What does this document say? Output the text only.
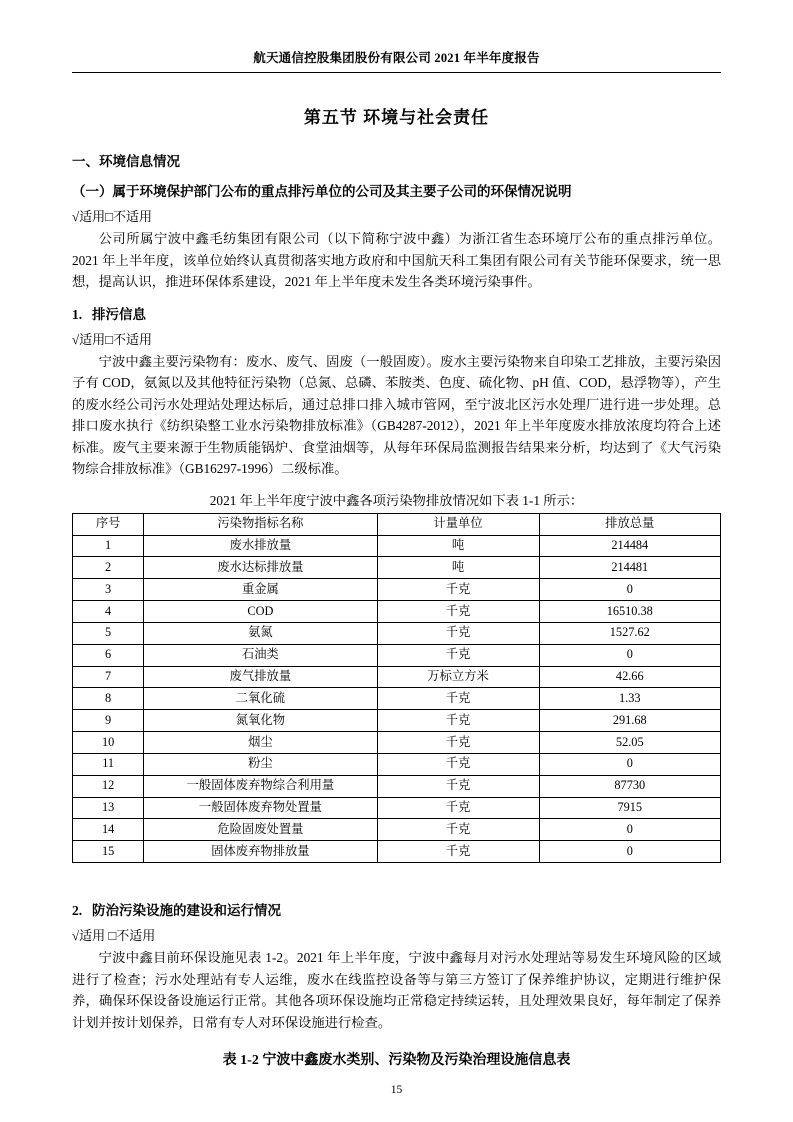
航天通信控股集团股份有限公司 2021 年半年度报告
第五节 环境与社会责任
一、环境信息情况
（一）属于环境保护部门公布的重点排污单位的公司及其主要子公司的环保情况说明
√适用□不适用

公司所属宁波中鑫毛纺集团有限公司（以下简称宁波中鑫）为浙江省生态环境厅公布的重点排污单位。2021 年上半年度，该单位始终认真贯彻落实地方政府和中国航天科工集团有限公司有关节能环保要求，统一思想，提高认识，推进环保体系建设，2021 年上半年度未发生各类环境污染事件。

1. 排污信息
√适用□不适用

宁波中鑫主要污染物有：废水、废气、固废（一般固废）。废水主要污染物来自印染工艺排放，主要污染因子有 COD，氨氮以及其他特征污染物（总氮、总磷、苯胺类、色度、硫化物、pH 值、COD，悬浮物等），产生的废水经公司污水处理站处理达标后，通过总排口排入城市管网，至宁波北区污水处理厂进行进一步处理。总排口废水执行《纺织染整工业水污染物排放标准》（GB4287-2012），2021 年上半年度废水排放浓度均符合上述标准。废气主要来源于生物质能锅炉、食堂油烟等，从每年环保局监测报告结果来分析，均达到了《大气污染物综合排放标准》（GB16297-1996）二级标准。

2021 年上半年度宁波中鑫各项污染物排放情况如下表 1-1 所示：
序号	污染物指标名称	计量单位	排放总量
1	废水排放量	吨	214484
2	废水达标排放量	吨	214481
3	重金属	千克	0
4	COD	千克	16510.38
5	氨氮	千克	1527.62
6	石油类	千克	0
7	废气排放量	万标立方米	42.66
8	二氧化硫	千克	1.33
9	氮氧化物	千克	291.68
10	烟尘	千克	52.05
11	粉尘	千克	0
12	一般固体废弃物综合利用量	千克	87730
13	一般固体废弃物处置量	千克	7915
14	危险固废处置量	千克	0
15	固体废弃物排放量	千克	0
2. 防治污染设施的建设和运行情况
√适用 □不适用

宁波中鑫目前环保设施见表 1-2。2021 年上半年度，宁波中鑫每月对污水处理站等易发生环境风险的区域进行了检查；污水处理站有专人运维，废水在线监控设备等与第三方签订了保养维护协议，定期进行维护保养，确保环保设备设施运行正常。其他各项环保设施均正常稳定持续运转，且处理效果良好，每年制定了保养计划并按计划保养，日常有专人对环保设施进行检查。

表 1-2 宁波中鑫废水类别、污染物及污染治理设施信息表
15
